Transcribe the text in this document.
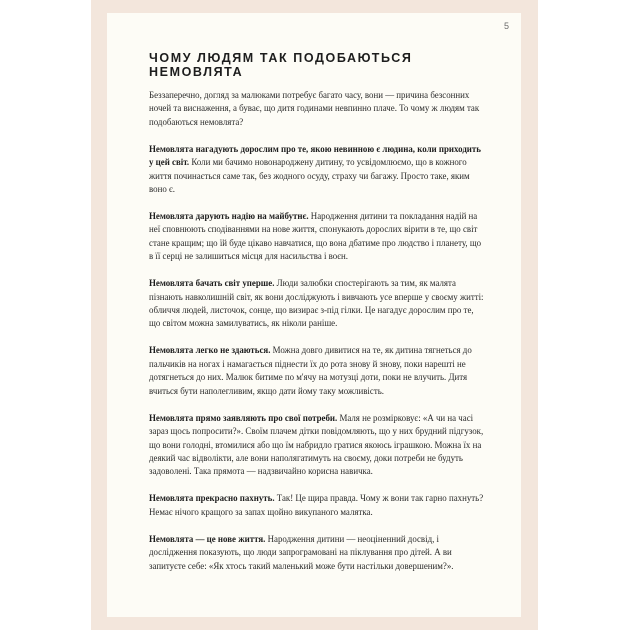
5
ЧОМУ ЛЮДЯМ ТАК ПОДОБАЮТЬСЯ НЕМОВЛЯТА

Беззаперечно, догляд за малюками потребує багато часу, вони — причина безсонних ночей та виснаження, а буває, що дитя годинами невпинно плаче. То чому ж людям так подобаються немовлята?

Немовлята нагадують дорослим про те, якою невинною є людина, коли приходить у цей світ. Коли ми бачимо новонароджену дитину, то усвідомлюємо, що в кожного життя починається саме так, без жодного осуду, страху чи багажу. Просто таке, яким воно є.

Немовлята дарують надію на майбутнє. Народження дитини та покладання надій на неї сповнюють сподіваннями на нове життя, спонукають дорослих вірити в те, що світ стане кращим; що їй буде цікаво навчатися, що вона дбатиме про людство і планету, що в її серці не залишиться місця для насильства і воєн.

Немовлята бачать світ уперше. Люди залюбки спостерігають за тим, як малята пізнають навколишній світ, як вони досліджують і вивчають усе вперше у своєму житті: обличчя людей, листочок, сонце, що визирає з-під гілки. Це нагадує дорослим про те, що світом можна замилуватись, як ніколи раніше.

Немовлята легко не здаються. Можна довго дивитися на те, як дитина тягнеться до пальчиків на ногах і намагається піднести їх до рота знову й знову, поки нарешті не дотягнеться до них. Малюк битиме по м'ячу на мотузці доти, поки не влучить. Дитя вчиться бути наполегливим, якщо дати йому таку можливість.

Немовлята прямо заявляють про свої потреби. Маля не розмірковує: «А чи на часі зараз щось попросити?». Своїм плачем дітки повідомляють, що у них брудний підгузок, що вони голодні, втомилися або що їм набридло гратися якоюсь іграшкою. Можна їх на деякий час відволікти, але вони наполягатимуть на своєму, доки потреби не будуть задоволені. Така прямота — надзвичайно корисна навичка.

Немовлята прекрасно пахнуть. Так! Це щира правда. Чому ж вони так гарно пахнуть? Немає нічого кращого за запах щойно викупаного малятка.

Немовлята — це нове життя. Народження дитини — неоціненний досвід, і дослідження показують, що люди запрограмовані на піклування про дітей. А ви запитуєте себе: «Як хтось такий маленький може бути настільки довершеним?».
